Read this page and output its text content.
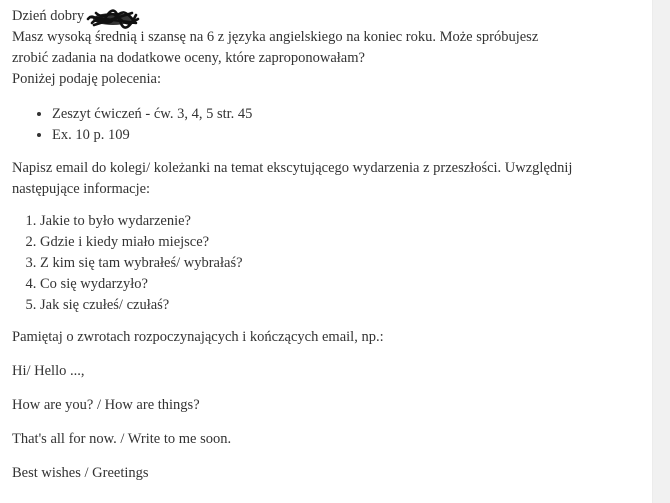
Dzień dobry

Masz wysoką średnią i szansę na 6 z języka angielskiego na koniec roku. Może spróbujesz

zrobić zadania na dodatkowe oceny, które zaproponowałam?

Poniżej podaję polecenia:

• Zeszyt ćwiczeń - ćw. 3, 4, 5 str. 45
• Ex. 10 p. 109

Napisz email do kolegi/ koleżanki na temat ekscytującego wydarzenia z przeszłości. Uwzględnij

następujące informacje:

1. Jakie to było wydarzenie?
2. Gdzie i kiedy miało miejsce?
3. Z kim się tam wybrałeś/ wybrałaś?
4. Co się wydarzyło?
5. Jak się czułeś/ czułaś?

Pamiętaj o zwrotach rozpoczynających i kończących email, np.:

Hi/ Hello ...,

How are you? / How are things?

That's all for now. / Write to me soon.

Best wishes / Greetings
